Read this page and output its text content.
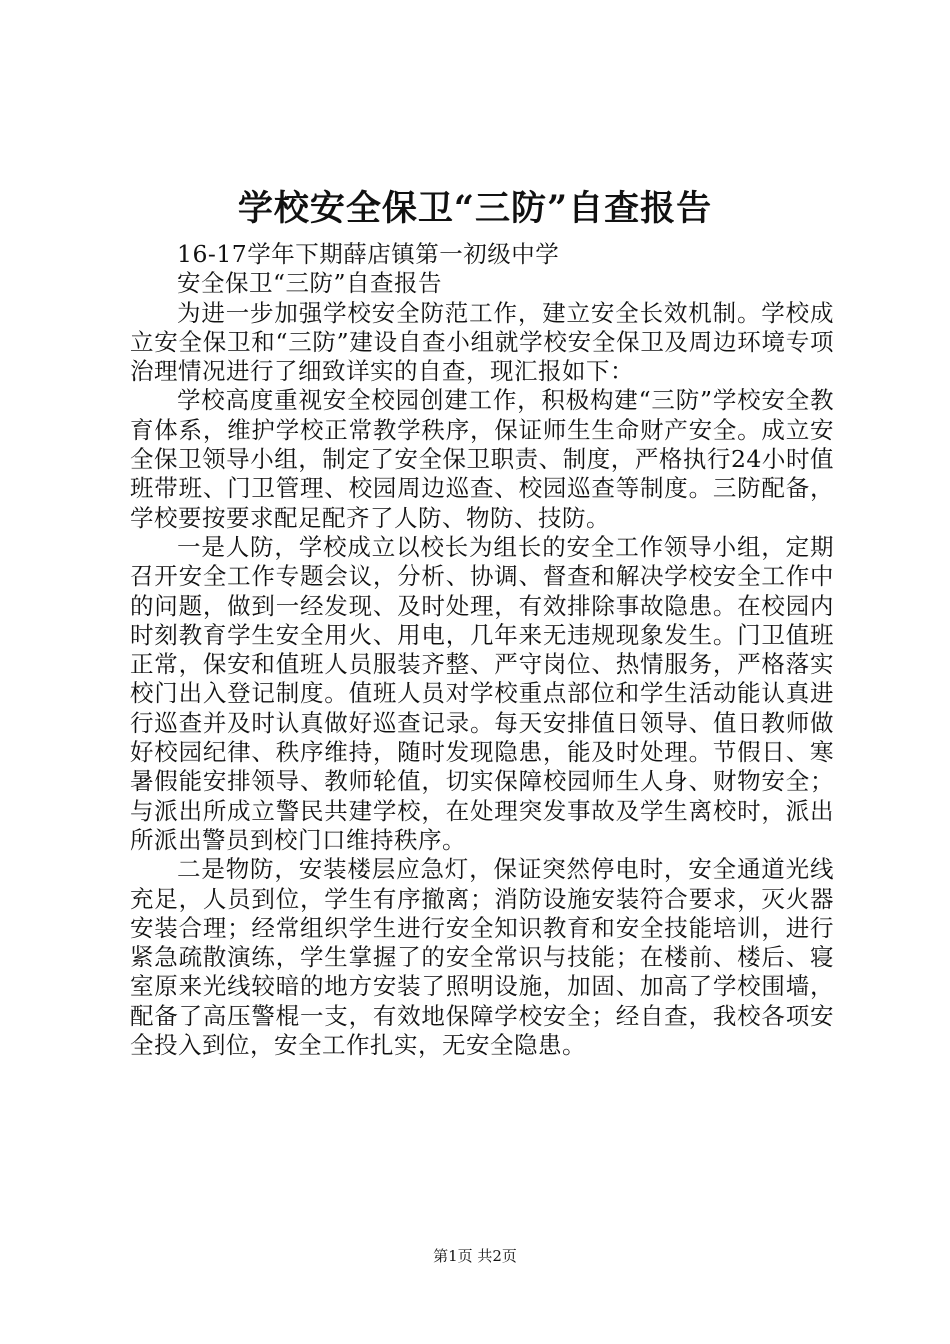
学校安全保卫“三防”自查报告

16-17学年下期薛店镇第一初级中学

安全保卫“三防”自查报告

为进一步加强学校安全防范工作，建立安全长效机制。学校成立安全保卫和“三防”建设自查小组就学校安全保卫及周边环境专项治理情况进行了细致详实的自查，现汇报如下：

学校高度重视安全校园创建工作，积极构建“三防”学校安全教育体系，维护学校正常教学秩序，保证师生生命财产安全。成立安全保卫领导小组，制定了安全保卫职责、制度，严格执行24小时值班带班、门卫管理、校园周边巡查、校园巡查等制度。三防配备，学校要按要求配足配齐了人防、物防、技防。

一是人防，学校成立以校长为组长的安全工作领导小组，定期召开安全工作专题会议，分析、协调、督查和解决学校安全工作中的问题，做到一经发现、及时处理，有效排除事故隐患。在校园内时刻教育学生安全用火、用电，几年来无违规现象发生。门卫值班正常，保安和值班人员服装齐整、严守岗位、热情服务，严格落实校门出入登记制度。值班人员对学校重点部位和学生活动能认真进行巡查并及时认真做好巡查记录。每天安排值日领导、值日教师做好校园纪律、秩序维持，随时发现隐患，能及时处理。节假日、寒暑假能安排领导、教师轮值，切实保障校园师生人身、财物安全；与派出所成立警民共建学校，在处理突发事故及学生离校时，派出所派出警员到校门口维持秩序。

二是物防，安装楼层应急灯，保证突然停电时，安全通道光线充足，人员到位，学生有序撤离；消防设施安装符合要求，灭火器安装合理；经常组织学生进行安全知识教育和安全技能培训，进行紧急疏散演练，学生掌握了的安全常识与技能；在楼前、楼后、寝室原来光线较暗的地方安装了照明设施，加固、加高了学校围墙，配备了高压警棍一支，有效地保障学校安全；经自查，我校各项安全投入到位，安全工作扎实，无安全隐患。

第1页 共2页
